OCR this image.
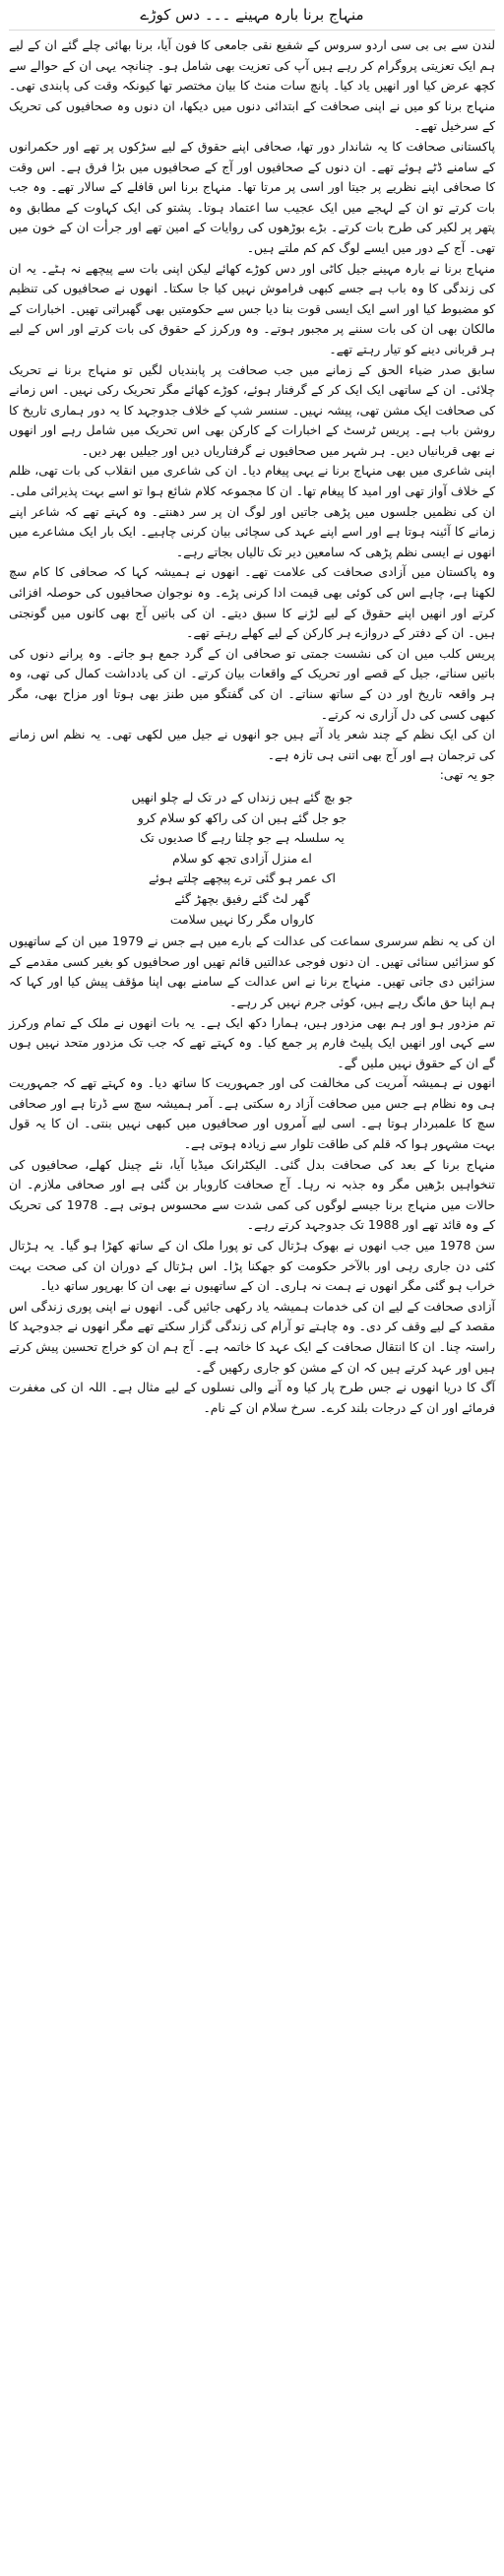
منہاج برنا بارہ مہینے ۔۔۔ دس کوڑے

لندن سے بی بی سی اردو سروس کے شفیع نقی جامعی کا فون آیا، برنا بھائی چلے گئے ان کے لیے ہم ایک تعزیتی پروگرام کر رہے ہیں آپ کی تعزیت بھی شامل ہو۔ چنانچہ یہی ان کے حوالے سے کچھ عرض کیا اور انھیں یاد کیا۔ پانچ سات منٹ کا بیان مختصر تھا کیونکہ وقت کی پابندی تھی۔ منہاج برنا کو میں نے اپنی صحافت کے ابتدائی دنوں میں دیکھا، ان دنوں وہ صحافیوں کی تحریک کے سرخیل تھے۔

پاکستانی صحافت کا یہ شاندار دور تھا، صحافی اپنے حقوق کے لیے سڑکوں پر تھے اور حکمرانوں کے سامنے ڈٹے ہوئے تھے۔ ان دنوں کے صحافیوں اور آج کے صحافیوں میں بڑا فرق ہے۔ اس وقت کا صحافی اپنے نظریے پر جیتا اور اسی پر مرتا تھا۔ منہاج برنا اس قافلے کے سالار تھے۔ وہ جب بات کرتے تو ان کے لہجے میں ایک عجیب سا اعتماد ہوتا۔ پشتو کی ایک کہاوت کے مطابق وہ پتھر پر لکیر کی طرح بات کرتے۔ بڑے بوڑھوں کی روایات کے امین تھے اور جرأت ان کے خون میں تھی۔ آج کے دور میں ایسے لوگ کم کم ملتے ہیں۔

منہاج برنا نے بارہ مہینے جیل کاٹی اور دس کوڑے کھائے لیکن اپنی بات سے پیچھے نہ ہٹے۔ یہ ان کی زندگی کا وہ باب ہے جسے کبھی فراموش نہیں کیا جا سکتا۔ انھوں نے صحافیوں کی تنظیم کو مضبوط کیا اور اسے ایک ایسی قوت بنا دیا جس سے حکومتیں بھی گھبراتی تھیں۔ اخبارات کے مالکان بھی ان کی بات سننے پر مجبور ہوتے۔ وہ ورکرز کے حقوق کی بات کرتے اور اس کے لیے ہر قربانی دینے کو تیار رہتے تھے۔

سابق صدر ضیاء الحق کے زمانے میں جب صحافت پر پابندیاں لگیں تو منہاج برنا نے تحریک چلائی۔ ان کے ساتھی ایک ایک کر کے گرفتار ہوئے، کوڑے کھائے مگر تحریک رکی نہیں۔ اس زمانے کی صحافت ایک مشن تھی، پیشہ نہیں۔ سنسر شپ کے خلاف جدوجہد کا یہ دور ہماری تاریخ کا روشن باب ہے۔ پریس ٹرسٹ کے اخبارات کے کارکن بھی اس تحریک میں شامل رہے اور انھوں نے بھی قربانیاں دیں۔ ہر شہر میں صحافیوں نے گرفتاریاں دیں اور جیلیں بھر دیں۔

اپنی شاعری میں بھی منہاج برنا نے یہی پیغام دیا۔ ان کی شاعری میں انقلاب کی بات تھی، ظلم کے خلاف آواز تھی اور امید کا پیغام تھا۔ ان کا مجموعہ کلام شائع ہوا تو اسے بہت پذیرائی ملی۔ ان کی نظمیں جلسوں میں پڑھی جاتیں اور لوگ ان پر سر دھنتے۔ وہ کہتے تھے کہ شاعر اپنے زمانے کا آئینہ ہوتا ہے اور اسے اپنے عہد کی سچائی بیان کرنی چاہیے۔ ایک بار ایک مشاعرے میں انھوں نے ایسی نظم پڑھی کہ سامعین دیر تک تالیاں بجاتے رہے۔

وہ پاکستان میں آزادی صحافت کی علامت تھے۔ انھوں نے ہمیشہ کہا کہ صحافی کا کام سچ لکھنا ہے، چاہے اس کی کوئی بھی قیمت ادا کرنی پڑے۔ وہ نوجوان صحافیوں کی حوصلہ افزائی کرتے اور انھیں اپنے حقوق کے لیے لڑنے کا سبق دیتے۔ ان کی باتیں آج بھی کانوں میں گونجتی ہیں۔ ان کے دفتر کے دروازے ہر کارکن کے لیے کھلے رہتے تھے۔

پریس کلب میں ان کی نشست جمتی تو صحافی ان کے گرد جمع ہو جاتے۔ وہ پرانے دنوں کی باتیں سناتے، جیل کے قصے اور تحریک کے واقعات بیان کرتے۔ ان کی یادداشت کمال کی تھی، وہ ہر واقعہ تاریخ اور دن کے ساتھ سناتے۔ ان کی گفتگو میں طنز بھی ہوتا اور مزاح بھی، مگر کبھی کسی کی دل آزاری نہ کرتے۔

ان کی ایک نظم کے چند شعر یاد آتے ہیں جو انھوں نے جیل میں لکھی تھی۔ یہ نظم اس زمانے کی ترجمان ہے اور آج بھی اتنی ہی تازہ ہے۔

جو یہ تھی:

جو بچ گئے ہیں زنداں کے در تک لے چلو انھیں

جو جل گئے ہیں ان کی راکھ کو سلام کرو

یہ سلسلہ ہے جو چلتا رہے گا صدیوں تک

اے منزل آزادی تجھ کو سلام

اک عمر ہو گئی ترے پیچھے چلتے ہوئے

گھر لٹ گئے رفیق بچھڑ گئے

کارواں مگر رکا نہیں سلامت

ان کی یہ نظم سرسری سماعت کی عدالت کے بارے میں ہے جس نے 1979 میں ان کے ساتھیوں کو سزائیں سنائی تھیں۔ ان دنوں فوجی عدالتیں قائم تھیں اور صحافیوں کو بغیر کسی مقدمے کے سزائیں دی جاتی تھیں۔ منہاج برنا نے اس عدالت کے سامنے بھی اپنا مؤقف پیش کیا اور کہا کہ ہم اپنا حق مانگ رہے ہیں، کوئی جرم نہیں کر رہے۔

تم مزدور ہو اور ہم بھی مزدور ہیں، ہمارا دکھ ایک ہے۔ یہ بات انھوں نے ملک کے تمام ورکرز سے کہی اور انھیں ایک پلیٹ فارم پر جمع کیا۔ وہ کہتے تھے کہ جب تک مزدور متحد نہیں ہوں گے ان کے حقوق نہیں ملیں گے۔

انھوں نے ہمیشہ آمریت کی مخالفت کی اور جمہوریت کا ساتھ دیا۔ وہ کہتے تھے کہ جمہوریت ہی وہ نظام ہے جس میں صحافت آزاد رہ سکتی ہے۔ آمر ہمیشہ سچ سے ڈرتا ہے اور صحافی سچ کا علمبردار ہوتا ہے۔ اسی لیے آمروں اور صحافیوں میں کبھی نہیں بنتی۔ ان کا یہ قول بہت مشہور ہوا کہ قلم کی طاقت تلوار سے زیادہ ہوتی ہے۔

منہاج برنا کے بعد کی صحافت بدل گئی۔ الیکٹرانک میڈیا آیا، نئے چینل کھلے، صحافیوں کی تنخواہیں بڑھیں مگر وہ جذبہ نہ رہا۔ آج صحافت کاروبار بن گئی ہے اور صحافی ملازم۔ ان حالات میں منہاج برنا جیسے لوگوں کی کمی شدت سے محسوس ہوتی ہے۔ 1978 کی تحریک کے وہ قائد تھے اور 1988 تک جدوجہد کرتے رہے۔

سن 1978 میں جب انھوں نے بھوک ہڑتال کی تو پورا ملک ان کے ساتھ کھڑا ہو گیا۔ یہ ہڑتال کئی دن جاری رہی اور بالآخر حکومت کو جھکنا پڑا۔ اس ہڑتال کے دوران ان کی صحت بہت خراب ہو گئی مگر انھوں نے ہمت نہ ہاری۔ ان کے ساتھیوں نے بھی ان کا بھرپور ساتھ دیا۔

آزادی صحافت کے لیے ان کی خدمات ہمیشہ یاد رکھی جائیں گی۔ انھوں نے اپنی پوری زندگی اس مقصد کے لیے وقف کر دی۔ وہ چاہتے تو آرام کی زندگی گزار سکتے تھے مگر انھوں نے جدوجہد کا راستہ چنا۔ ان کا انتقال صحافت کے ایک عہد کا خاتمہ ہے۔ آج ہم ان کو خراج تحسین پیش کرتے ہیں اور عہد کرتے ہیں کہ ان کے مشن کو جاری رکھیں گے۔

آگ کا دریا انھوں نے جس طرح پار کیا وہ آنے والی نسلوں کے لیے مثال ہے۔ اللہ ان کی مغفرت فرمائے اور ان کے درجات بلند کرے۔ سرخ سلام ان کے نام۔
